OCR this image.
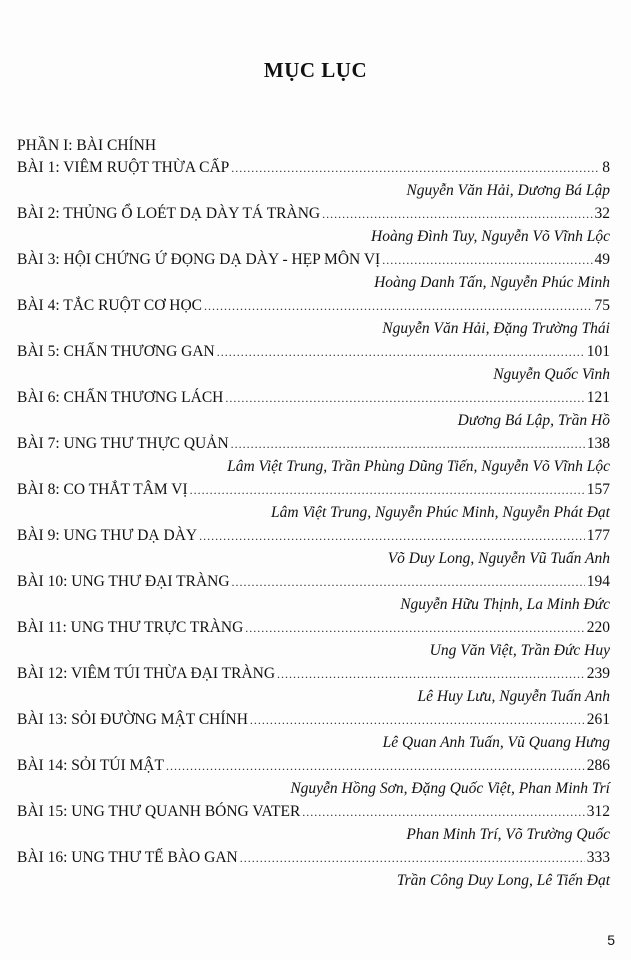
MỤC LỤC
PHẦN I: BÀI CHÍNH
BÀI 1: VIÊM RUỘT THỪA CẤP .....	8
Nguyễn Văn Hải, Dương Bá Lập
BÀI 2: THỦNG Ổ LOÉT DẠ DÀY TÁ TRÀNG .....	32
Hoàng Đình Tuy, Nguyễn Võ Vĩnh Lộc
BÀI 3: HỘI CHỨNG Ứ ĐỌNG DẠ DÀY - HẸP MÔN VỊ .....	49
Hoàng Danh Tấn, Nguyễn Phúc Minh
BÀI 4: TẮC RUỘT CƠ HỌC .....	75
Nguyễn Văn Hải, Đặng Trường Thái
BÀI 5: CHẤN THƯƠNG GAN .....	101
Nguyễn Quốc Vinh
BÀI 6: CHẤN THƯƠNG LÁCH .....	121
Dương Bá Lập, Trần Hồ
BÀI 7: UNG THƯ THỰC QUẢN .....	138
Lâm Việt Trung, Trần Phùng Dũng Tiến, Nguyễn Võ Vĩnh Lộc
BÀI 8: CO THẮT TÂM VỊ .....	157
Lâm Việt Trung, Nguyễn Phúc Minh, Nguyễn Phát Đạt
BÀI 9: UNG THƯ DẠ DÀY .....	177
Võ Duy Long, Nguyễn Vũ Tuấn Anh
BÀI 10: UNG THƯ ĐẠI TRÀNG .....	194
Nguyễn Hữu Thịnh, La Minh Đức
BÀI 11: UNG THƯ TRỰC TRÀNG .....	220
Ung Văn Việt, Trần Đức Huy
BÀI 12: VIÊM TÚI THỪA ĐẠI TRÀNG .....	239
Lê Huy Lưu, Nguyễn Tuấn Anh
BÀI 13: SỎI ĐƯỜNG MẬT CHÍNH .....	261
Lê Quan Anh Tuấn, Vũ Quang Hưng
BÀI 14: SỎI TÚI MẬT .....	286
Nguyễn Hồng Sơn, Đặng Quốc Việt, Phan Minh Trí
BÀI 15: UNG THƯ QUANH BÓNG VATER .....	312
Phan Minh Trí, Võ Trường Quốc
BÀI 16: UNG THƯ TẾ BÀO GAN .....	333
Trần Công Duy Long, Lê Tiến Đạt
5
